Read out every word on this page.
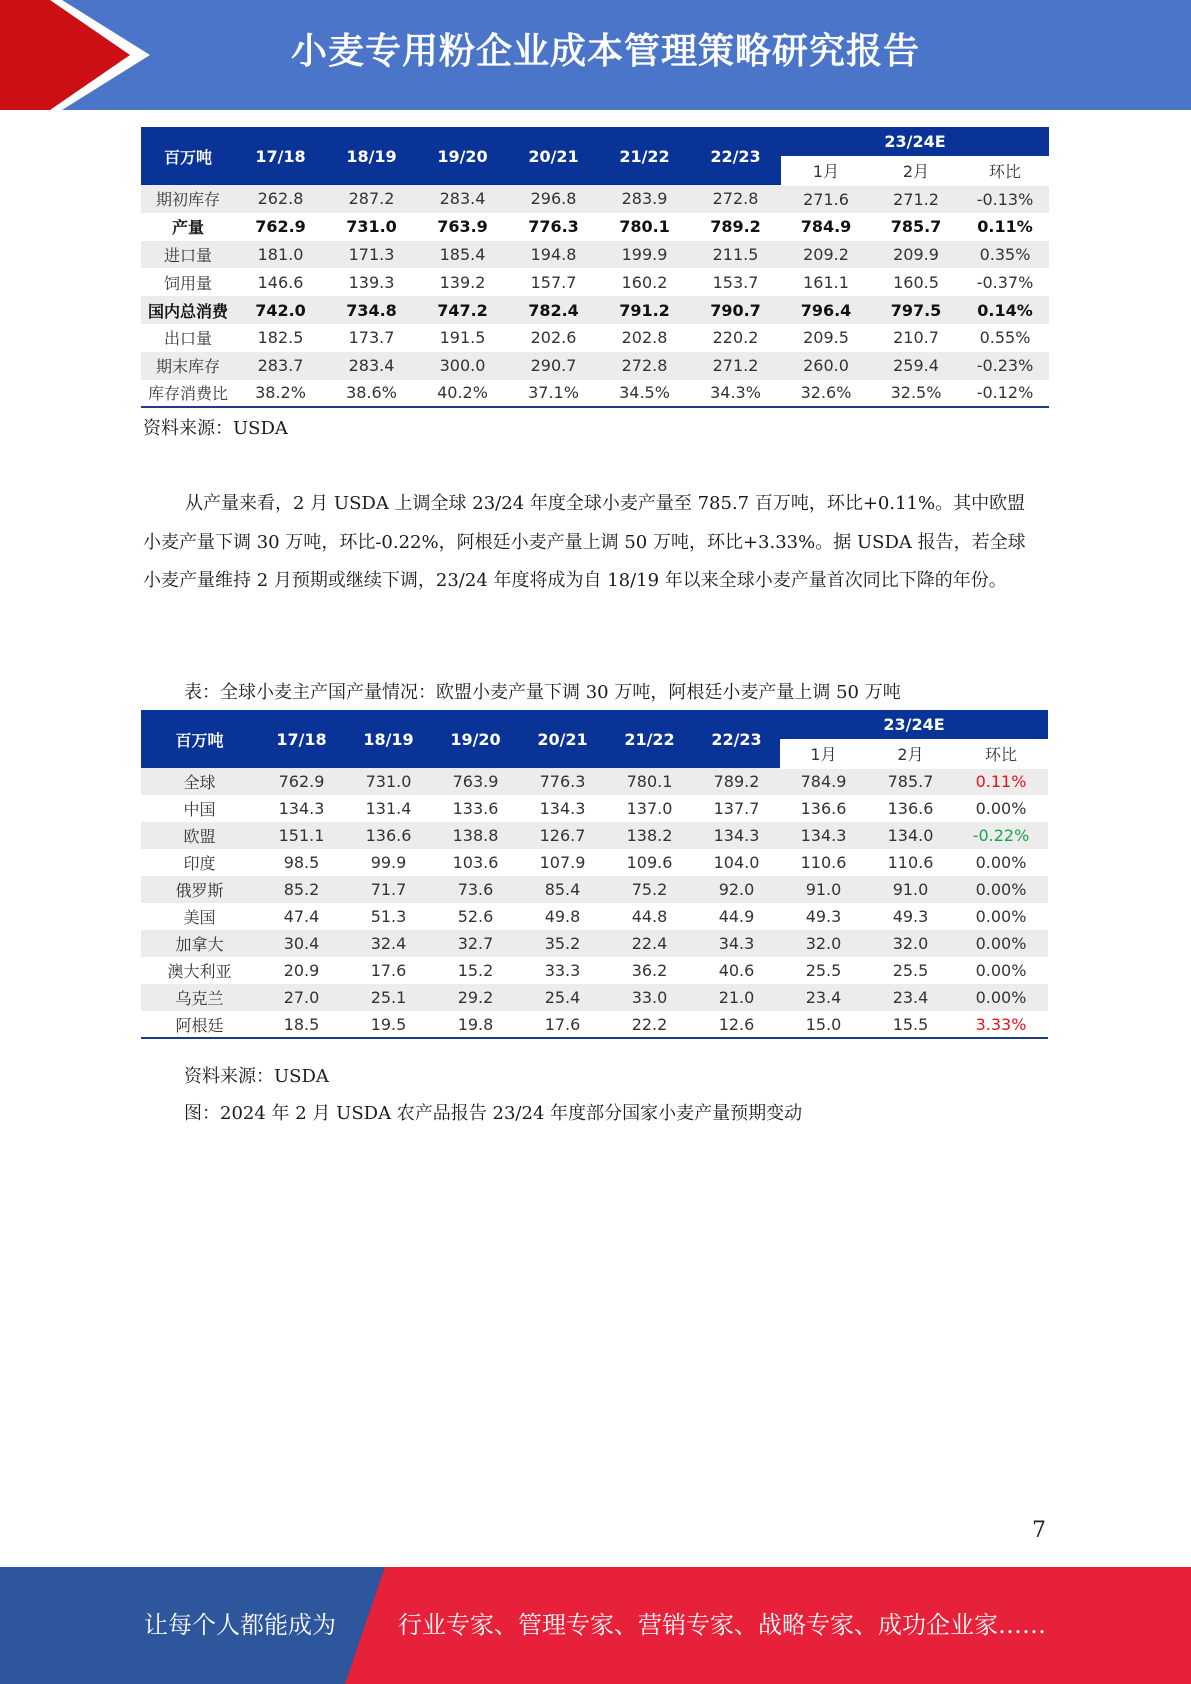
小麦专用粉企业成本管理策略研究报告
百万吨	17/18	18/19	19/20	20/21	21/22	22/23	23/24E		
							1月	2月	环比
期初库存	262.8	287.2	283.4	296.8	283.9	272.8	271.6	271.2	-0.13%
产量	762.9	731.0	763.9	776.3	780.1	789.2	784.9	785.7	0.11%
进口量	181.0	171.3	185.4	194.8	199.9	211.5	209.2	209.9	0.35%
饲用量	146.6	139.3	139.2	157.7	160.2	153.7	161.1	160.5	-0.37%
国内总消费	742.0	734.8	747.2	782.4	791.2	790.7	796.4	797.5	0.14%
出口量	182.5	173.7	191.5	202.6	202.8	220.2	209.5	210.7	0.55%
期末库存	283.7	283.4	300.0	290.7	272.8	271.2	260.0	259.4	-0.23%
库存消费比	38.2%	38.6%	40.2%	37.1%	34.5%	34.3%	32.6%	32.5%	-0.12%
资料来源：USDA
从产量来看，2 月 USDA 上调全球 23/24 年度全球小麦产量至 785.7 百万吨，环比+0.11%。其中欧盟小麦产量下调 30 万吨，环比-0.22%，阿根廷小麦产量上调 50 万吨，环比+3.33%。据 USDA 报告，若全球小麦产量维持 2 月预期或继续下调，23/24 年度将成为自 18/19 年以来全球小麦产量首次同比下降的年份。
表：全球小麦主产国产量情况：欧盟小麦产量下调 30 万吨，阿根廷小麦产量上调 50 万吨
百万吨	17/18	18/19	19/20	20/21	21/22	22/23	23/24E		
							1月	2月	环比
全球	762.9	731.0	763.9	776.3	780.1	789.2	784.9	785.7	0.11%
中国	134.3	131.4	133.6	134.3	137.0	137.7	136.6	136.6	0.00%
欧盟	151.1	136.6	138.8	126.7	138.2	134.3	134.3	134.0	-0.22%
印度	98.5	99.9	103.6	107.9	109.6	104.0	110.6	110.6	0.00%
俄罗斯	85.2	71.7	73.6	85.4	75.2	92.0	91.0	91.0	0.00%
美国	47.4	51.3	52.6	49.8	44.8	44.9	49.3	49.3	0.00%
加拿大	30.4	32.4	32.7	35.2	22.4	34.3	32.0	32.0	0.00%
澳大利亚	20.9	17.6	15.2	33.3	36.2	40.6	25.5	25.5	0.00%
乌克兰	27.0	25.1	29.2	25.4	33.0	21.0	23.4	23.4	0.00%
阿根廷	18.5	19.5	19.8	17.6	22.2	12.6	15.0	15.5	3.33%
资料来源：USDA
图：2024 年 2 月 USDA 农产品报告 23/24 年度部分国家小麦产量预期变动
7
让每个人都能成为	行业专家、管理专家、营销专家、战略专家、成功企业家……
